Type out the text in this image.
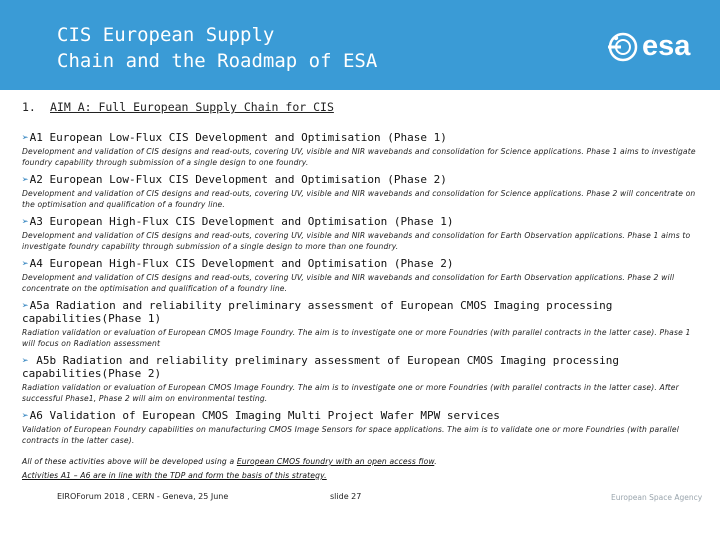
CIS European Supply
Chain and the Roadmap of ESA	esa
1. AIM A: Full European Supply Chain for CIS
➢A1 European Low-Flux CIS Development and Optimisation (Phase 1)
Development and validation of CIS designs and read-outs, covering UV, visible and NIR wavebands and consolidation for Science applications. Phase 1 aims to investigate foundry capability through submission of a single design to one foundry.
➢A2 European Low-Flux CIS Development and Optimisation (Phase 2)
Development and validation of CIS designs and read-outs, covering UV, visible and NIR wavebands and consolidation for Science applications. Phase 2 will concentrate on the optimisation and qualification of a foundry line.
➢A3 European High-Flux CIS Development and Optimisation (Phase 1)
Development and validation of CIS designs and read-outs, covering UV, visible and NIR wavebands and consolidation for Earth Observation applications. Phase 1 aims to investigate foundry capability through submission of a single design to more than one foundry.
➢A4 European High-Flux CIS Development and Optimisation (Phase 2)
Development and validation of CIS designs and read-outs, covering UV, visible and NIR wavebands and consolidation for Earth Observation applications. Phase 2 will concentrate on the optimisation and qualification of a foundry line.
➢A5a Radiation and reliability preliminary assessment of European CMOS Imaging processing capabilities(Phase 1)
Radiation validation or evaluation of European CMOS Image Foundry. The aim is to investigate one or more Foundries (with parallel contracts in the latter case). Phase 1 will focus on Radiation assessment
➢ A5b Radiation and reliability preliminary assessment of European CMOS Imaging processing capabilities(Phase 2)
Radiation validation or evaluation of European CMOS Image Foundry. The aim is to investigate one or more Foundries (with parallel contracts in the latter case). After successful Phase1, Phase 2 will aim on environmental testing.
➢A6 Validation of European CMOS Imaging Multi Project Wafer MPW services
Validation of European Foundry capabilities on manufacturing CMOS Image Sensors for space applications. The aim is to validate one or more Foundries (with parallel contracts in the latter case).
All of these activities above will be developed using a European CMOS foundry with an open access flow.
Activities A1 – A6 are in line with the TDP and form the basis of this strategy.
EIROForum 2018 , CERN - Geneva, 25 June	slide 27	European Space Agency
